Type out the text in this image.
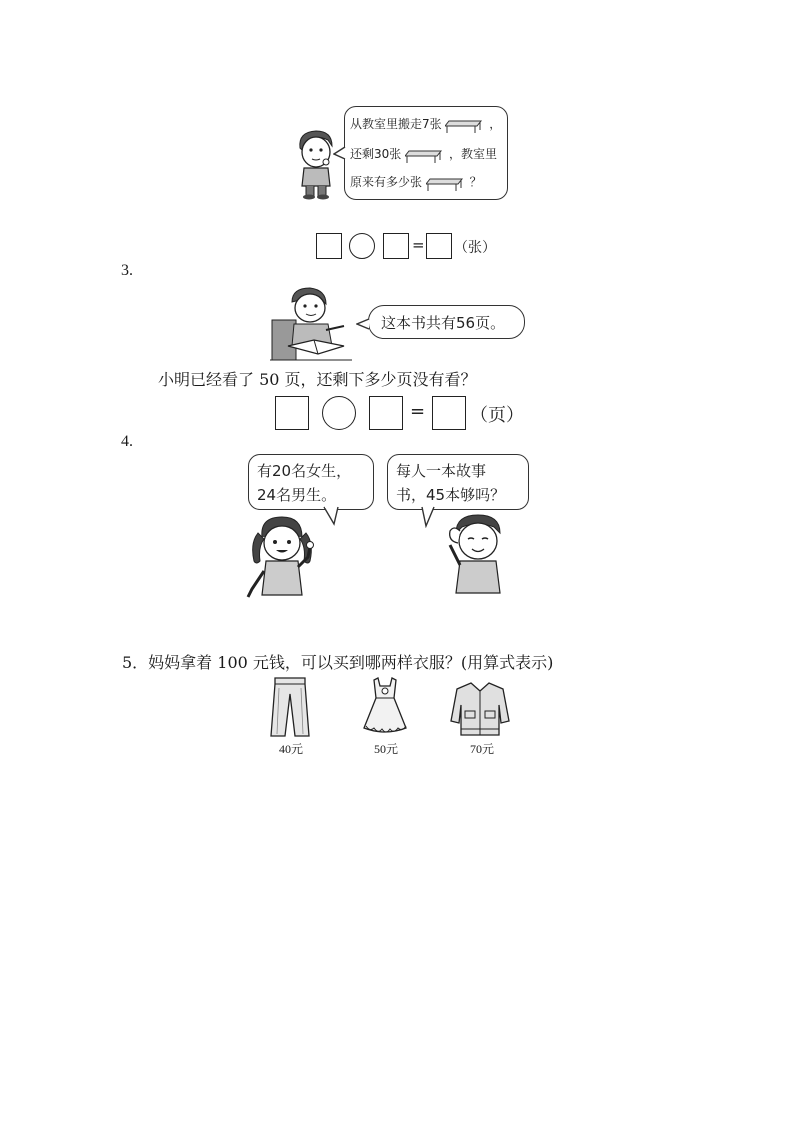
从教室里搬走7张	，
还剩30张	，教室里
原来有多少张	？
= （张）
3.
这本书共有56页。
小明已经看了 50 页，还剩下多少页没有看？
= （页）
4.
有20名女生，
24名男生。
每人一本故事
书，45本够吗？
5．妈妈拿着 100 元钱，可以买到哪两样衣服？(用算式表示)
40元	50元	70元
